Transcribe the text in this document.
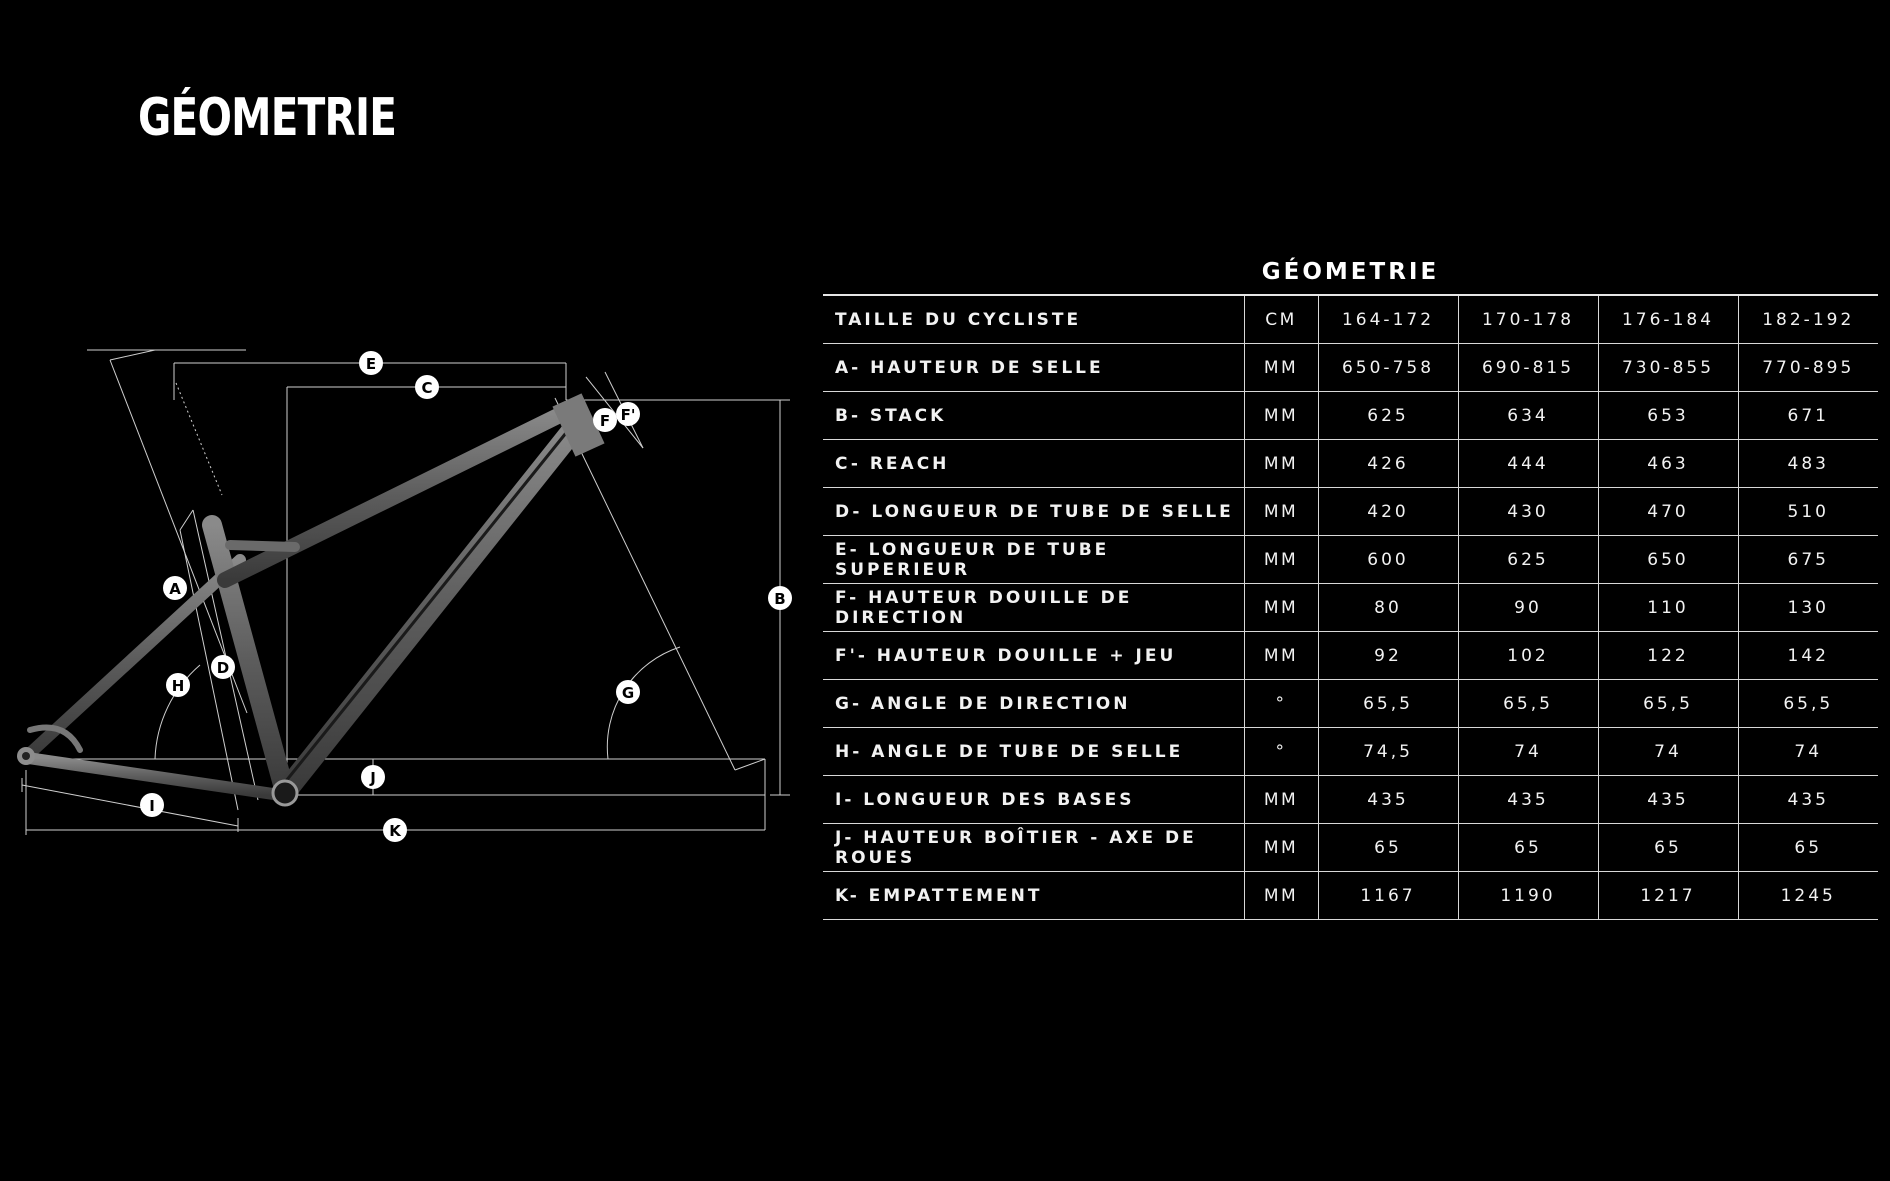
GÉOMETRIE
A
B
C
D
E
F F'
G
H
I
J
K
GÉOMETRIE
TAILLE DU CYCLISTE	CM	164-172	170-178	176-184	182-192
A- HAUTEUR DE SELLE	MM	650-758	690-815	730-855	770-895
B- STACK	MM	625	634	653	671
C- REACH	MM	426	444	463	483
D- LONGUEUR DE TUBE DE SELLE	MM	420	430	470	510
E- LONGUEUR DE TUBE SUPERIEUR	MM	600	625	650	675
F- HAUTEUR DOUILLE DE DIRECTION	MM	80	90	110	130
F'- HAUTEUR DOUILLE + JEU	MM	92	102	122	142
G- ANGLE DE DIRECTION	°	65,5	65,5	65,5	65,5
H- ANGLE DE TUBE DE SELLE	°	74,5	74	74	74
I- LONGUEUR DES BASES	MM	435	435	435	435
J- HAUTEUR BOÎTIER - AXE DE ROUES	MM	65	65	65	65
K- EMPATTEMENT	MM	1167	1190	1217	1245
